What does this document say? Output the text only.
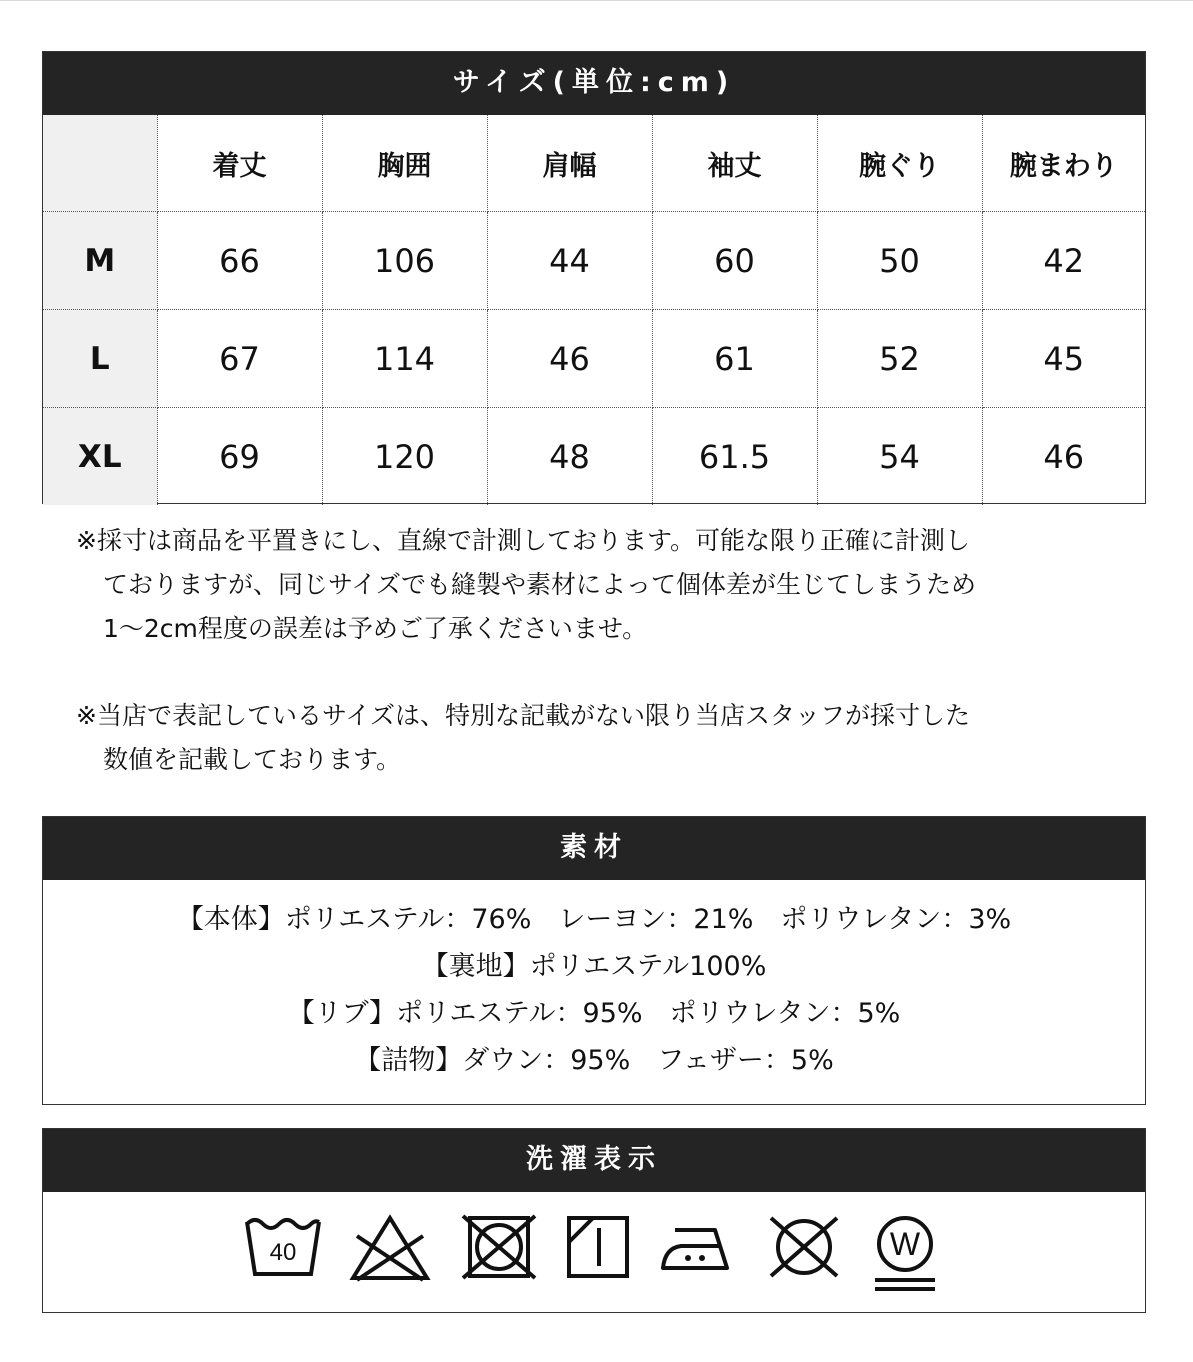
サイズ(単位:cm)
	着丈	胸囲	肩幅	袖丈	腕ぐり	腕まわり
M	66	106	44	60	50	42
L	67	114	46	61	52	45
XL	69	120	48	61.5	54	46

※採寸は商品を平置きにし、直線で計測しております。可能な限り正確に計測し

ておりますが、同じサイズでも縫製や素材によって個体差が生じてしまうため

1～2cm程度の誤差は予めご了承くださいませ。

※当店で表記しているサイズは、特別な記載がない限り当店スタッフが採寸した

数値を記載しております。

素材
【本体】ポリエステル：76%　レーヨン：21%　ポリウレタン：3%
【裏地】ポリエステル100%
【リブ】ポリエステル：95%　ポリウレタン：5%
【詰物】ダウン：95%　フェザー：5%
洗濯表示
40	W
